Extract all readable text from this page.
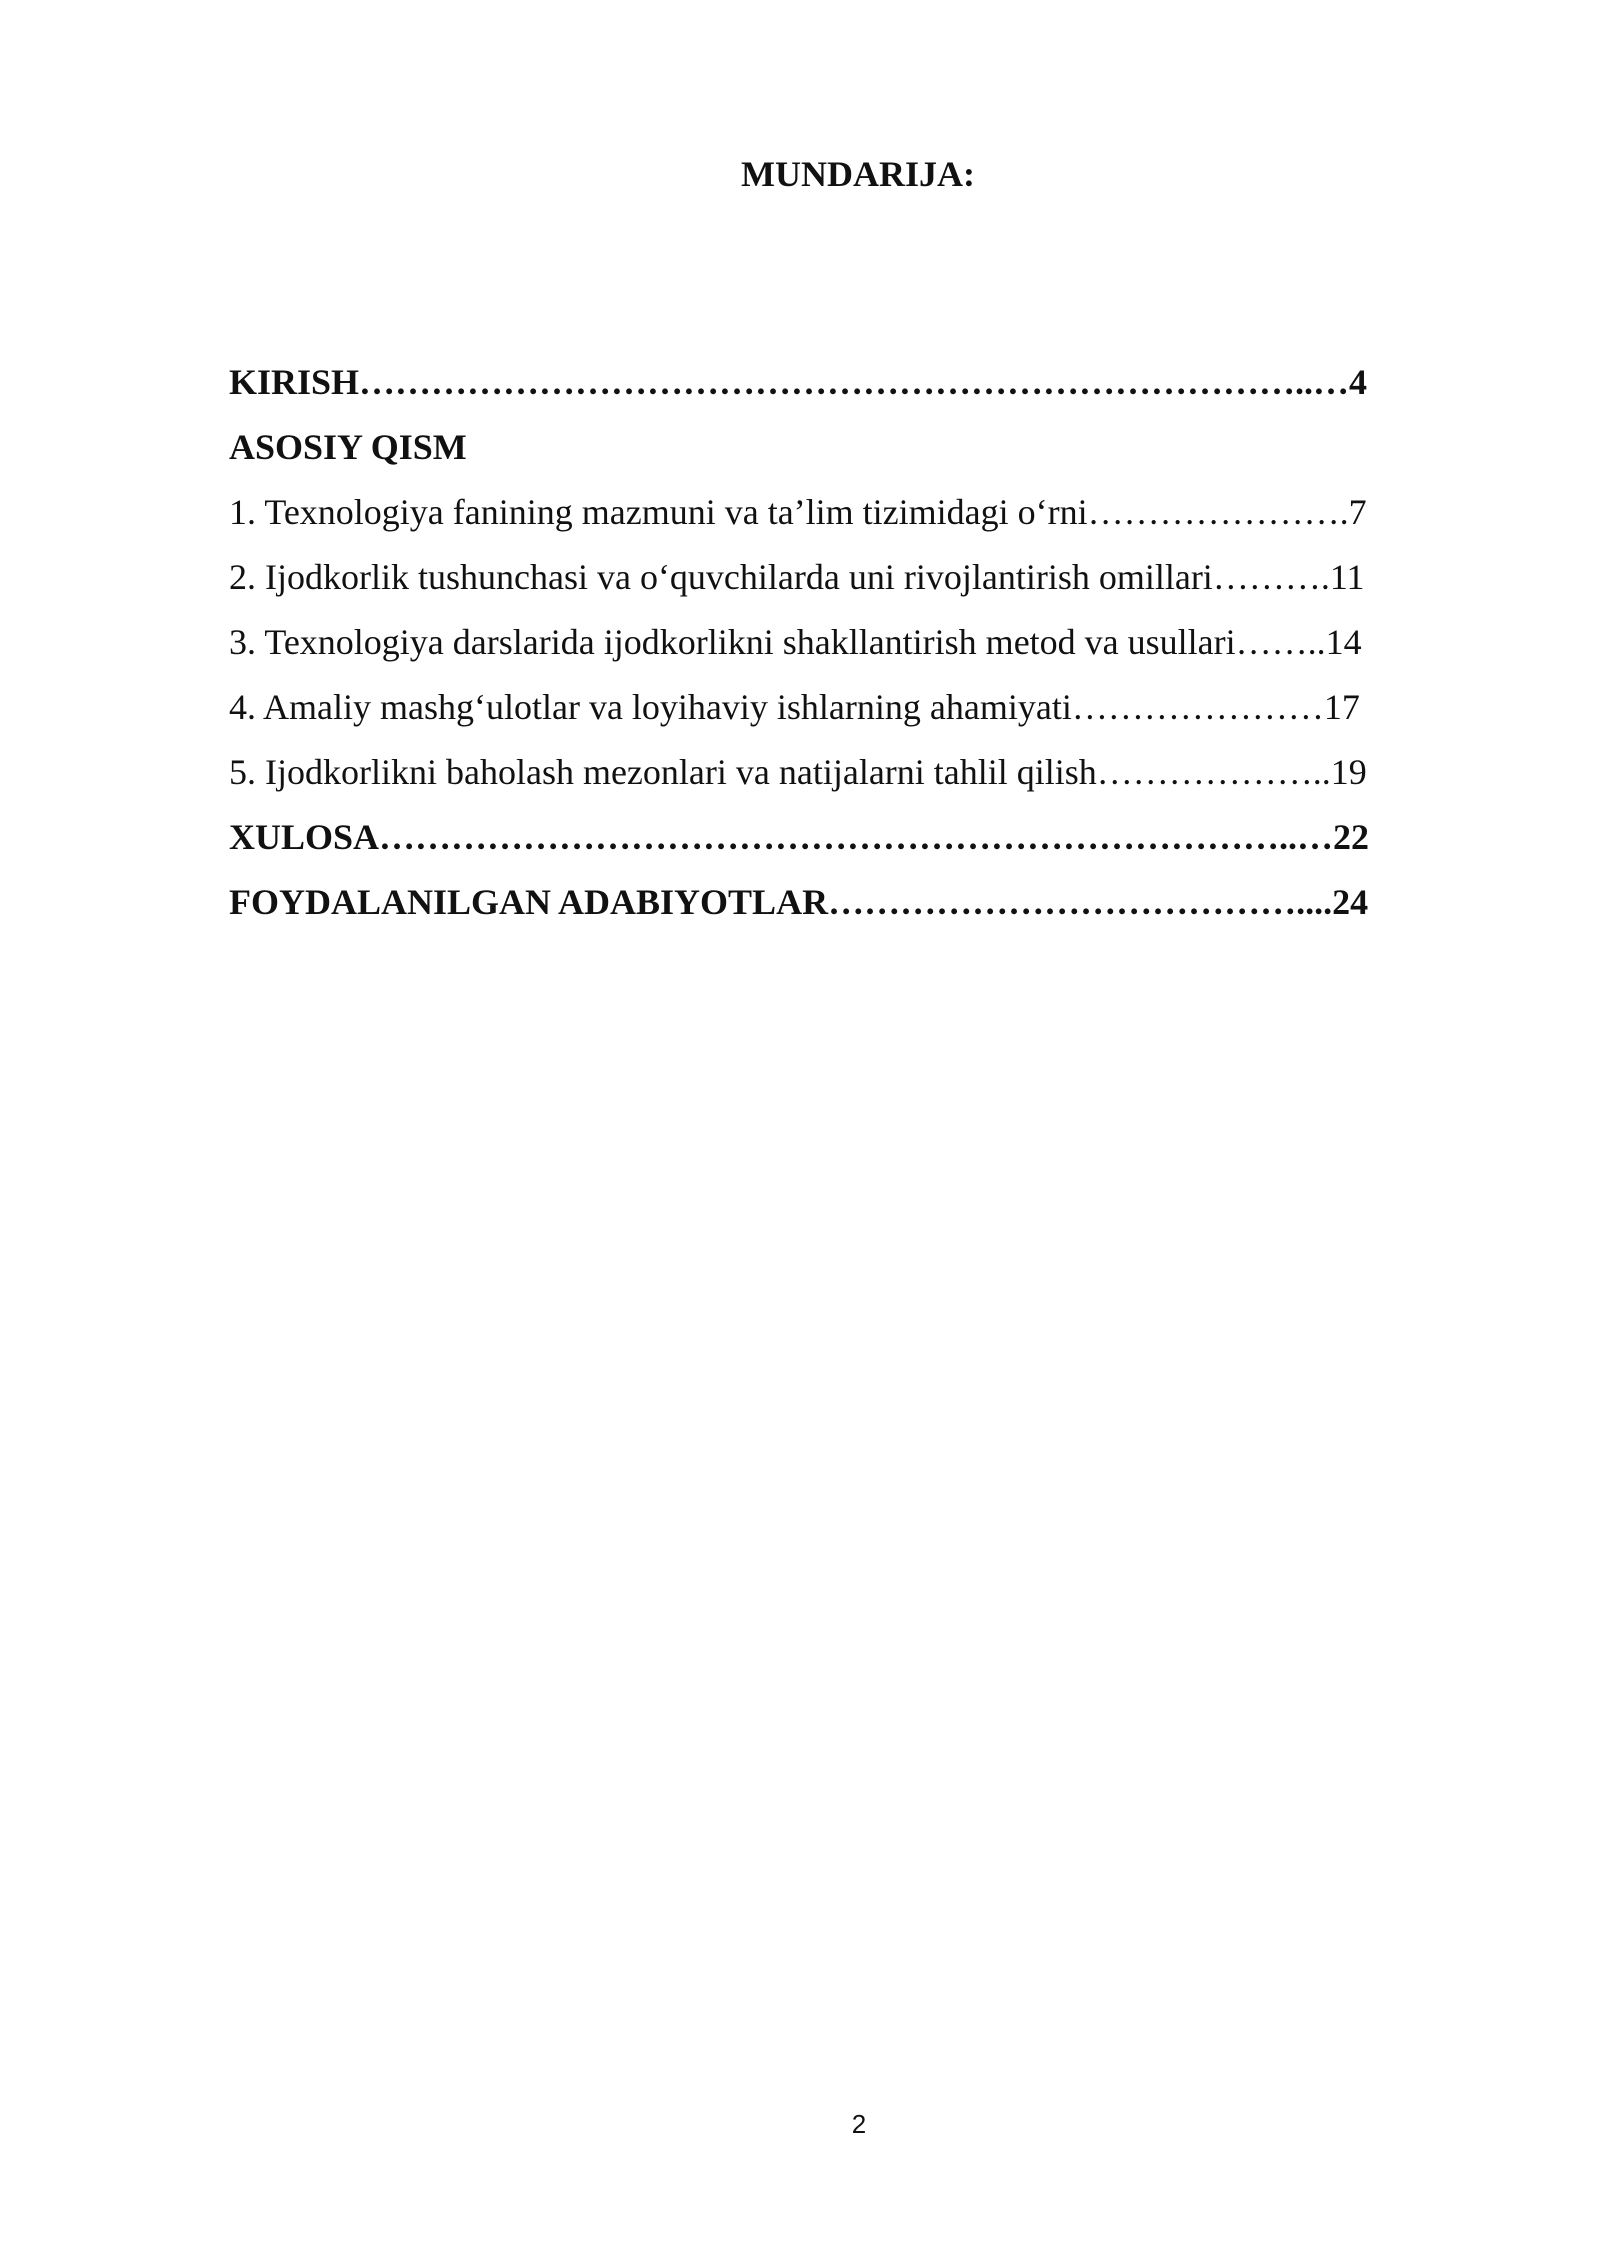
MUNDARIJA:
KIRISH……………………………………………………………………..…4
ASOSIY QISM
1. Texnologiya fanining mazmuni va ta’lim tizimidagi o‘rni………………….7
2. Ijodkorlik tushunchasi va o‘quvchilarda uni rivojlantirish omillari……….11
3. Texnologiya darslarida ijodkorlikni shakllantirish metod va usullari……..14
4. Amaliy mashg‘ulotlar va loyihaviy ishlarning ahamiyati…………………17
5. Ijodkorlikni baholash mezonlari va natijalarni tahlil qilish………………..19
XULOSA…………………………………………………………………..…22
FOYDALANILGAN ADABIYOTLAR…………………………………....24
2
